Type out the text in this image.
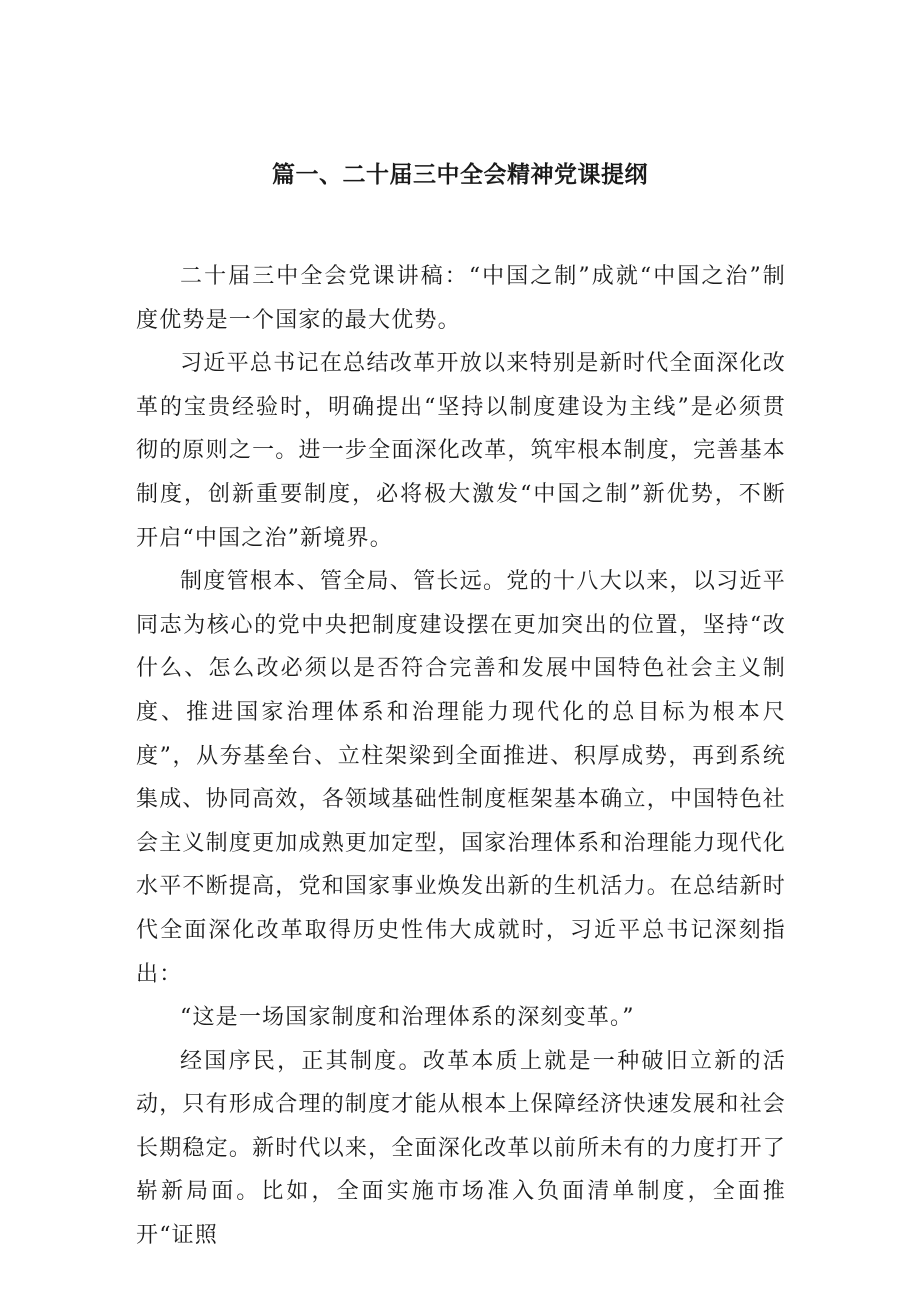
篇一、二十届三中全会精神党课提纲

二十届三中全会党课讲稿：“中国之制”成就“中国之治”制度优势是一个国家的最大优势。

习近平总书记在总结改革开放以来特别是新时代全面深化改革的宝贵经验时，明确提出“坚持以制度建设为主线”是必须贯彻的原则之一。进一步全面深化改革，筑牢根本制度，完善基本制度，创新重要制度，必将极大激发“中国之制”新优势，不断开启“中国之治”新境界。

制度管根本、管全局、管长远。党的十八大以来，以习近平同志为核心的党中央把制度建设摆在更加突出的位置，坚持“改什么、怎么改必须以是否符合完善和发展中国特色社会主义制度、推进国家治理体系和治理能力现代化的总目标为根本尺度”，从夯基垒台、立柱架梁到全面推进、积厚成势，再到系统集成、协同高效，各领域基础性制度框架基本确立，中国特色社会主义制度更加成熟更加定型，国家治理体系和治理能力现代化水平不断提高，党和国家事业焕发出新的生机活力。在总结新时代全面深化改革取得历史性伟大成就时，习近平总书记深刻指出：

“这是一场国家制度和治理体系的深刻变革。”

经国序民，正其制度。改革本质上就是一种破旧立新的活动，只有形成合理的制度才能从根本上保障经济快速发展和社会长期稳定。新时代以来，全面深化改革以前所未有的力度打开了崭新局面。比如，全面实施市场准入负面清单制度，全面推开“证照
